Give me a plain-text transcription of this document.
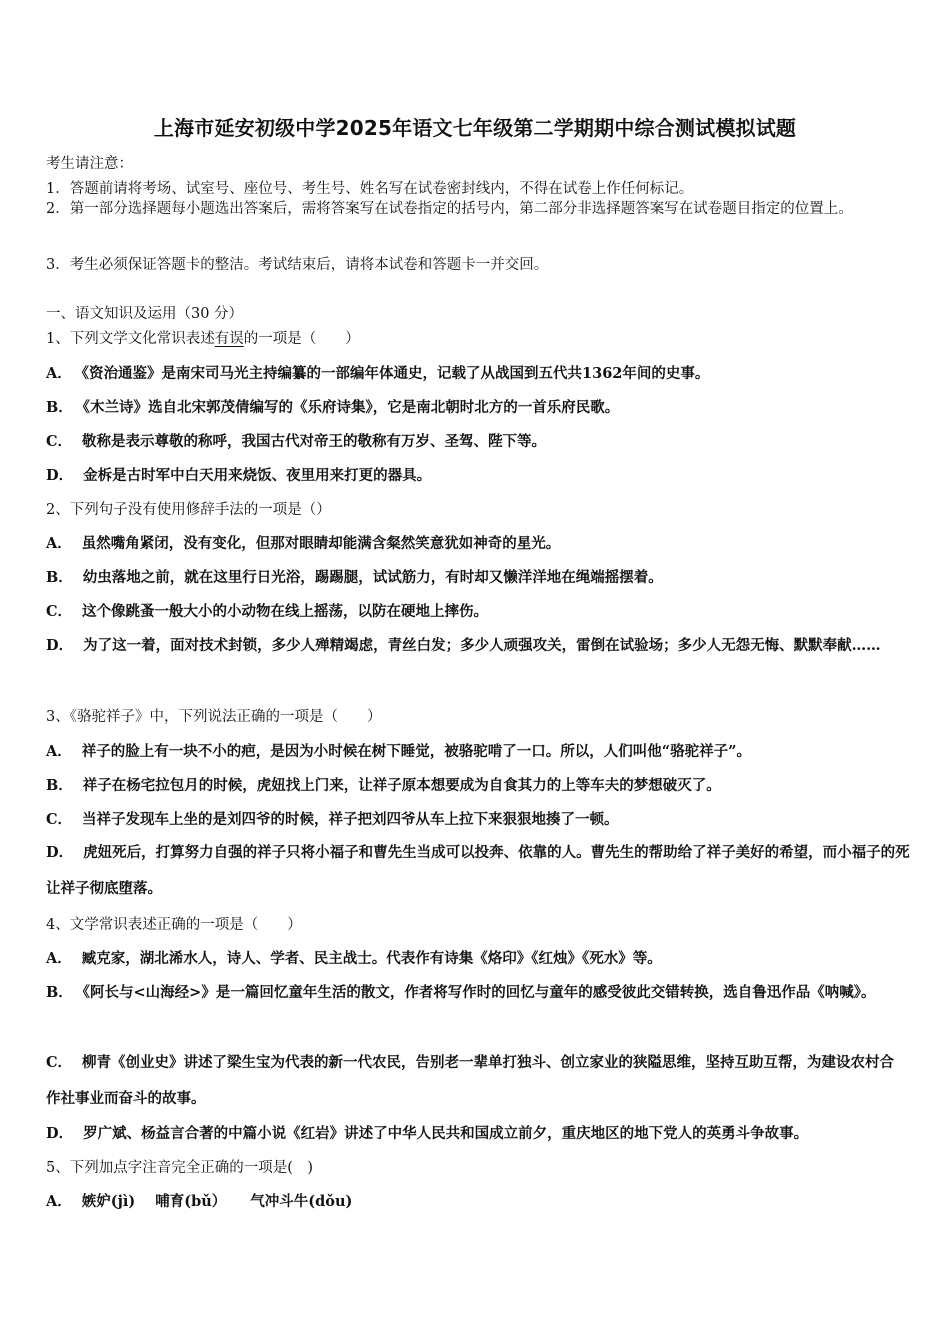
上海市延安初级中学2025年语文七年级第二学期期中综合测试模拟试题
考生请注意：
1．答题前请将考场、试室号、座位号、考生号、姓名写在试卷密封线内，不得在试卷上作任何标记。
2．第一部分选择题每小题选出答案后，需将答案写在试卷指定的括号内，第二部分非选择题答案写在试卷题目指定的位置上。
3．考生必须保证答题卡的整洁。考试结束后，请将本试卷和答题卡一并交回。
一、语文知识及运用（30 分）
1、下列文学文化常识表述有误的一项是（　　）
A． 《资治通鉴》是南宋司马光主持编纂的一部编年体通史，记载了从战国到五代共1362年间的史事。
B． 《木兰诗》选自北宋郭茂倩编写的《乐府诗集》，它是南北朝时北方的一首乐府民歌。
C． 敬称是表示尊敬的称呼，我国古代对帝王的敬称有万岁、圣驾、陛下等。
D． 金柝是古时军中白天用来烧饭、夜里用来打更的器具。
2、下列句子没有使用修辞手法的一项是（）
A． 虽然嘴角紧闭，没有变化，但那对眼睛却能满含粲然笑意犹如神奇的星光。
B． 幼虫落地之前，就在这里行日光浴，踢踢腿，试试筋力，有时却又懒洋洋地在绳端摇摆着。
C． 这个像跳蚤一般大小的小动物在线上摇荡，以防在硬地上摔伤。
D． 为了这一着，面对技术封锁，多少人殚精竭虑，青丝白发；多少人顽强攻关，雷倒在试验场；多少人无怨无悔、默默奉献……
3、《骆驼祥子》中，下列说法正确的一项是（　　）
A． 祥子的脸上有一块不小的疤，是因为小时候在树下睡觉，被骆驼啃了一口。所以，人们叫他“骆驼祥子”。
B． 祥子在杨宅拉包月的时候，虎妞找上门来，让祥子原本想要成为自食其力的上等车夫的梦想破灭了。
C． 当祥子发现车上坐的是刘四爷的时候，祥子把刘四爷从车上拉下来狠狠地揍了一顿。
D． 虎妞死后，打算努力自强的祥子只将小福子和曹先生当成可以投奔、依靠的人。曹先生的帮助给了祥子美好的希望，而小福子的死让祥子彻底堕落。
4、文学常识表述正确的一项是（　　）
A． 臧克家，湖北浠水人，诗人、学者、民主战士。代表作有诗集《烙印》《红烛》《死水》等。
B． 《阿长与<山海经>》是一篇回忆童年生活的散文，作者将写作时的回忆与童年的感受彼此交错转换，选自鲁迅作品《呐喊》。
C． 柳青《创业史》讲述了梁生宝为代表的新一代农民，告别老一辈单打独斗、创立家业的狭隘思维，坚持互助互帮，为建设农村合作社事业而奋斗的故事。
D． 罗广斌、杨益言合著的中篇小说《红岩》讲述了中华人民共和国成立前夕，重庆地区的地下党人的英勇斗争故事。
5、下列加点字注音完全正确的一项是(　)
A． 嫉妒(jì) 哺育(bǔ） 气冲斗牛(dǒu)
